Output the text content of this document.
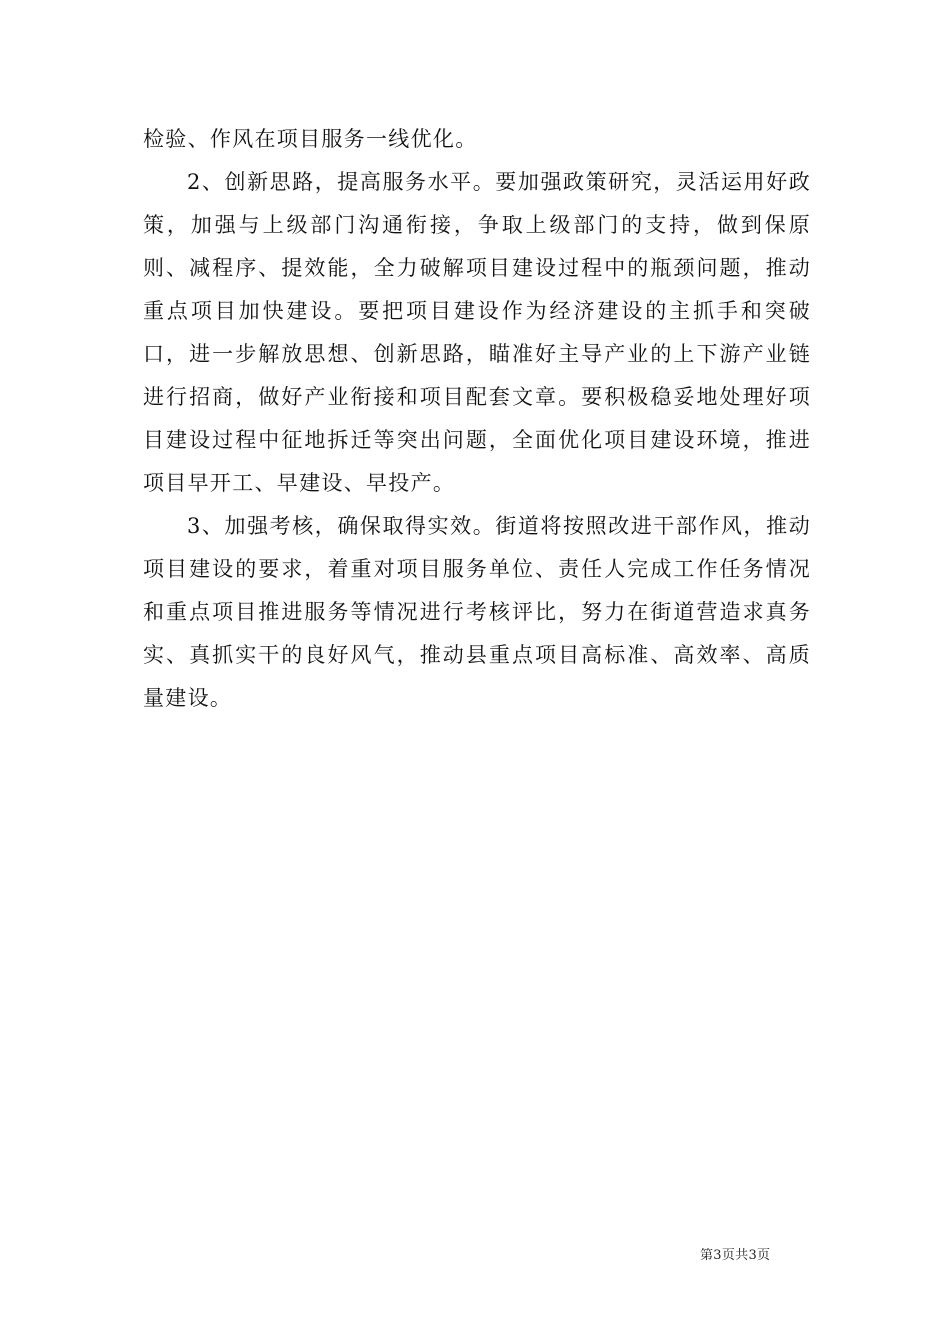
检验、作风在项目服务一线优化。

2、创新思路，提高服务水平。要加强政策研究，灵活运用好政策，加强与上级部门沟通衔接，争取上级部门的支持，做到保原则、减程序、提效能，全力破解项目建设过程中的瓶颈问题，推动重点项目加快建设。要把项目建设作为经济建设的主抓手和突破口，进一步解放思想、创新思路，瞄准好主导产业的上下游产业链进行招商，做好产业衔接和项目配套文章。要积极稳妥地处理好项目建设过程中征地拆迁等突出问题，全面优化项目建设环境，推进项目早开工、早建设、早投产。

3、加强考核，确保取得实效。街道将按照改进干部作风，推动项目建设的要求，着重对项目服务单位、责任人完成工作任务情况和重点项目推进服务等情况进行考核评比，努力在街道营造求真务实、真抓实干的良好风气，推动县重点项目高标准、高效率、高质量建设。

第3页共3页
